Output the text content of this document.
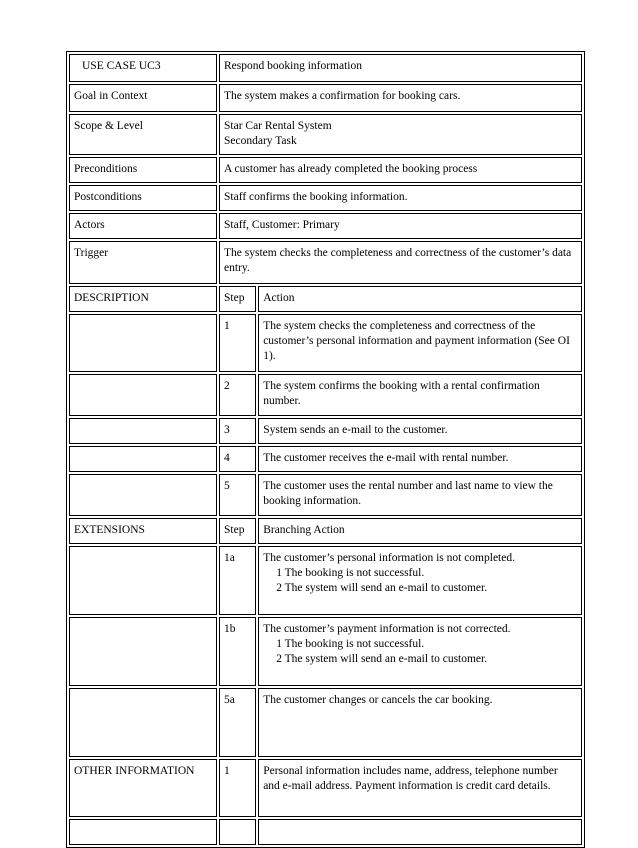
USE CASE UC3	Respond booking information	
Goal in Context	The system makes a confirmation for booking cars.	
Scope & Level	Star Car Rental System
Secondary Task	
Preconditions	A customer has already completed the booking process	
Postconditions	Staff confirms the booking information.	
Actors	Staff, Customer: Primary	
Trigger	The system checks the completeness and correctness of the customer’s data entry.	
DESCRIPTION	Step	Action
	1	The system checks the completeness and correctness of the customer’s personal information and payment information (See OI 1).
	2	The system confirms the booking with a rental confirmation number.
	3	System sends an e-mail to the customer.
	4	The customer receives the e-mail with rental number.
	5	The customer uses the rental number and last name to view the booking information.
EXTENSIONS	Step	Branching Action
	1a	The customer’s personal information is not completed.
1 The booking is not successful.
2 The system will send an e-mail to customer.

	1b	The customer’s payment information is not corrected.
1 The booking is not successful.
2 The system will send an e-mail to customer.

	5a	The customer changes or cancels the car booking.
OTHER INFORMATION	1	Personal information includes name, address, telephone number and e-mail address. Payment information is credit card details.
